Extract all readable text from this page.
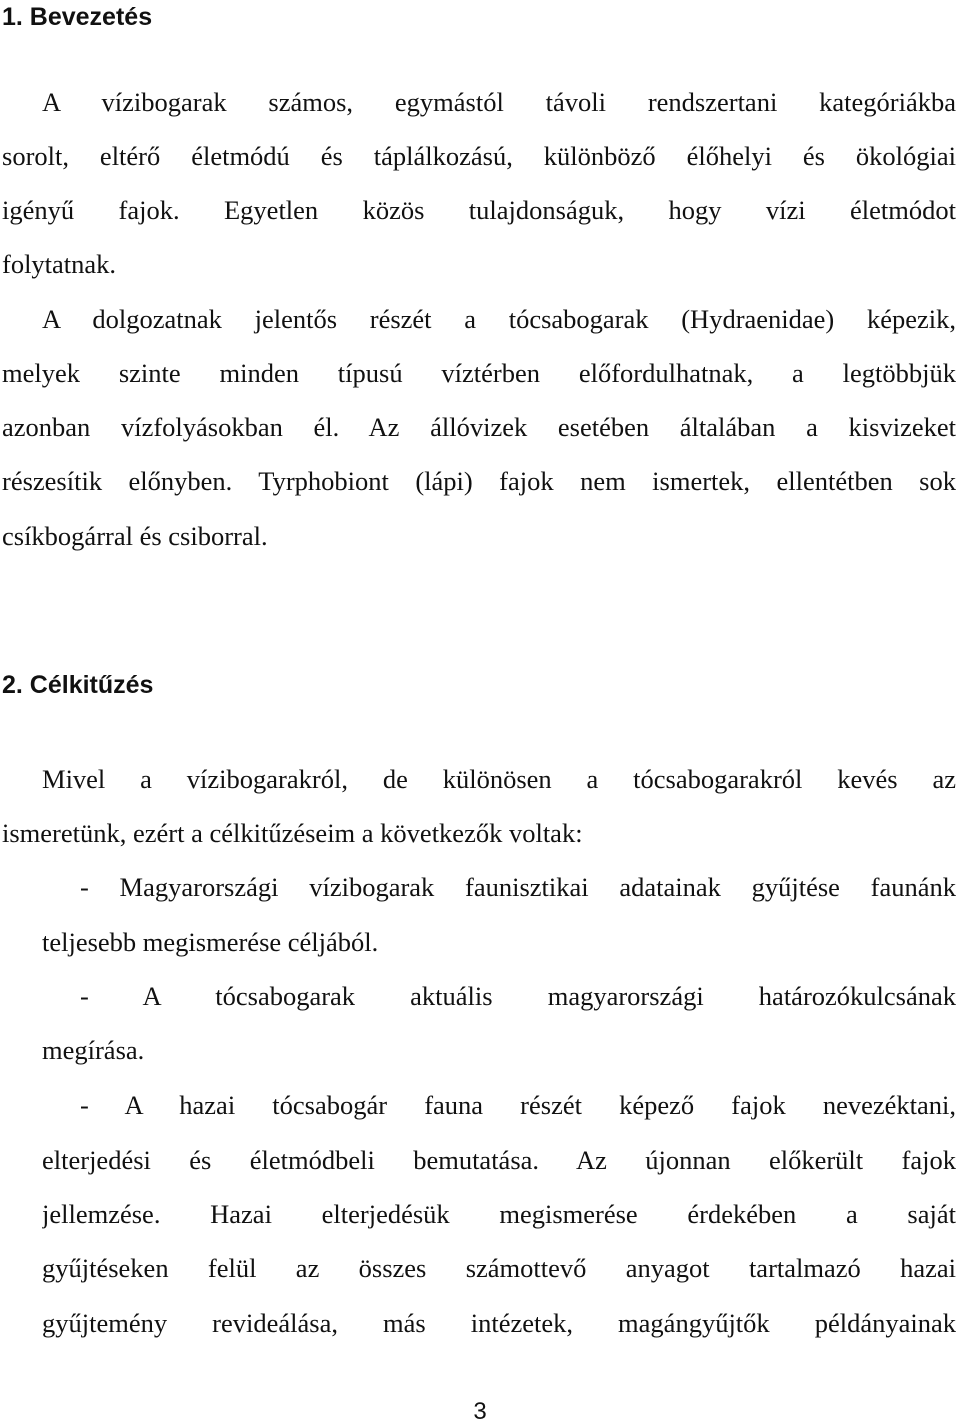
1. Bevezetés
A vízibogarak számos, egymástól távoli rendszertani kategóriákba
sorolt, eltérő életmódú és táplálkozású, különböző élőhelyi és ökológiai
igényű fajok. Egyetlen közös tulajdonságuk, hogy vízi életmódot
folytatnak.
A dolgozatnak jelentős részét a tócsabogarak (Hydraenidae) képezik,
melyek szinte minden típusú víztérben előfordulhatnak, a legtöbbjük
azonban vízfolyásokban él. Az állóvizek esetében általában a kisvizeket
részesítik előnyben. Tyrphobiont (lápi) fajok nem ismertek, ellentétben sok
csíkbogárral és csiborral.
2. Célkitűzés
Mivel a vízibogarakról, de különösen a tócsabogarakról kevés az
ismeretünk, ezért a célkitűzéseim a következők voltak:
- Magyarországi vízibogarak faunisztikai adatainak gyűjtése faunánk
teljesebb megismerése céljából.
- A tócsabogarak aktuális magyarországi határozókulcsának
megírása.
- A hazai tócsabogár fauna részét képező fajok nevezéktani,
elterjedési és életmódbeli bemutatása. Az újonnan előkerült fajok
jellemzése. Hazai elterjedésük megismerése érdekében a saját
gyűjtéseken felül az összes számottevő anyagot tartalmazó hazai
gyűjtemény revideálása, más intézetek, magángyűjtők példányainak
3
